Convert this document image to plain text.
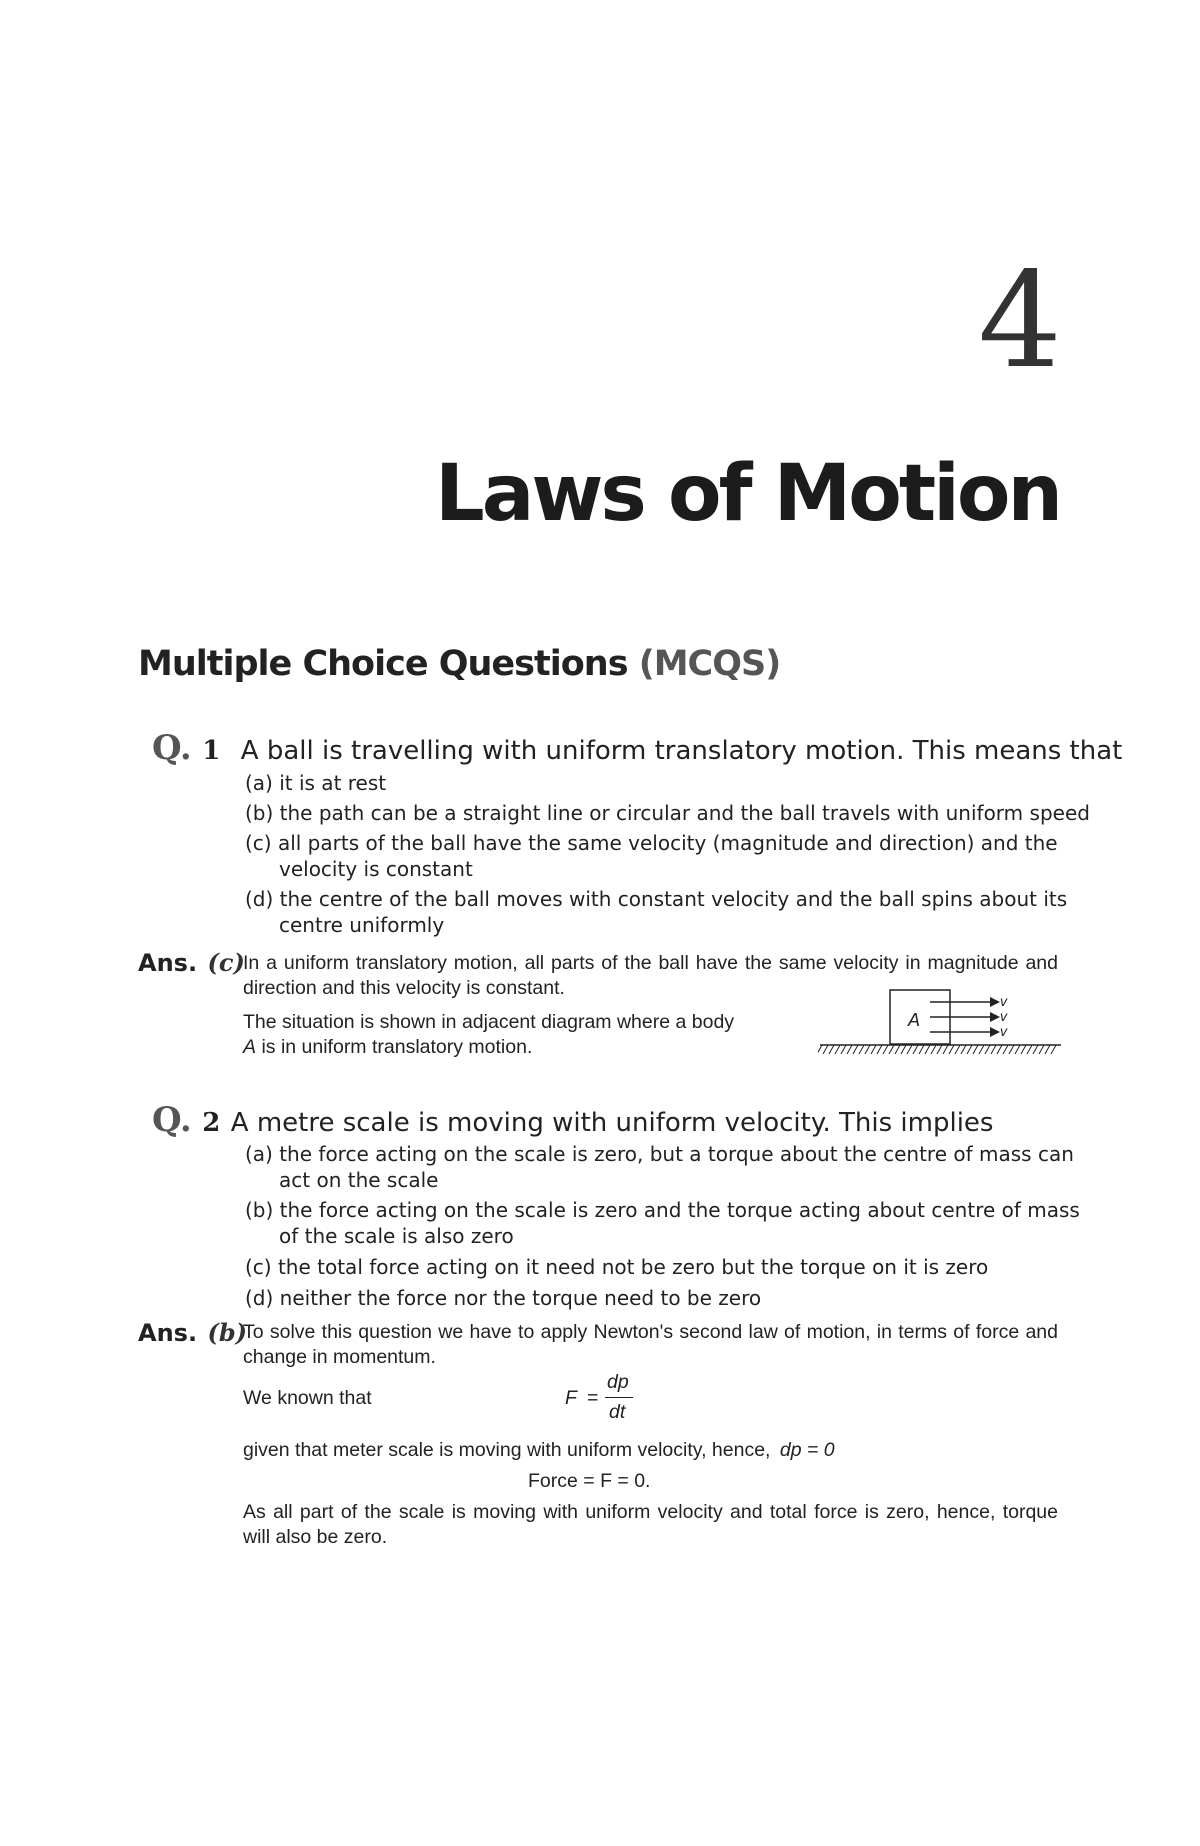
4
Laws of Motion
Multiple Choice Questions (MCQS)
Q. 1 A ball is travelling with uniform translatory motion. This means that
(a) it is at rest
(b) the path can be a straight line or circular and the ball travels with uniform speed
(c) all parts of the ball have the same velocity (magnitude and direction) and the velocity is constant
(d) the centre of the ball moves with constant velocity and the ball spins about its centre uniformly
Ans. (c)
In a uniform translatory motion, all parts of the ball have the same velocity in magnitude and direction and this velocity is constant.
The situation is shown in adjacent diagram where a body
A is in uniform translatory motion.
A
v
v
v
Q. 2 A metre scale is moving with uniform velocity. This implies
(a) the force acting on the scale is zero, but a torque about the centre of mass can act on the scale
(b) the force acting on the scale is zero and the torque acting about centre of mass of the scale is also zero
(c) the total force acting on it need not be zero but the torque on it is zero
(d) neither the force nor the torque need to be zero
Ans. (b)
To solve this question we have to apply Newton's second law of motion, in terms of force and change in momentum.
We known that	F =
dp
dt
given that meter scale is moving with uniform velocity, hence, dp = 0
Force = F = 0.
As all part of the scale is moving with uniform velocity and total force is zero, hence, torque will also be zero.
